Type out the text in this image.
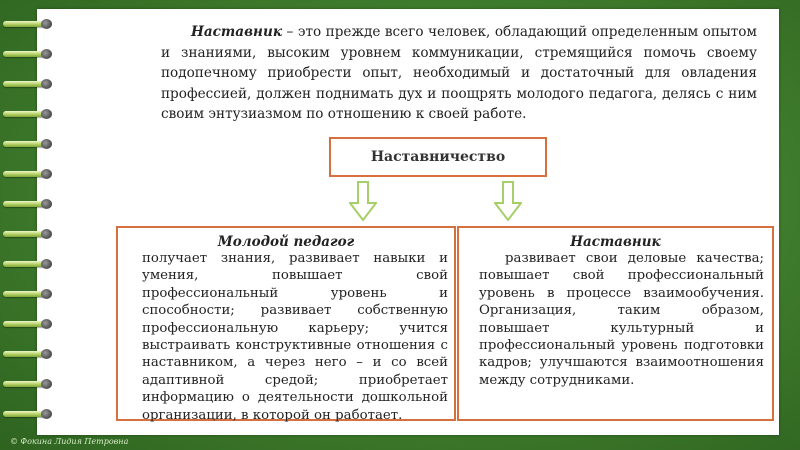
Наставник – это прежде всего человек, обладающий определенным опытом и знаниями, высоким уровнем коммуникации, стремящийся помочь своему подопечному приобрести опыт, необходимый и достаточный для овладения профессией, должен поднимать дух и поощрять молодого педагога, делясь с ним своим энтузиазмом по отношению к своей работе.
Наставничество
Молодой педагог
получает знания, развивает навыки и умения, повышает свой профессиональный уровень и способности; развивает собственную профессиональную карьеру; учится выстраивать конструктивные отношения с наставником, а через него – и со всей адаптивной средой; приобретает информацию о деятельности дошкольной организации, в которой он работает.
Наставник
развивает свои деловые качества; повышает свой профессиональный уровень в процессе взаимообучения. Организация, таким образом, повышает культурный и профессиональный уровень подготовки кадров; улучшаются взаимоотношения между сотрудниками.
© Фокина Лидия Петровна
